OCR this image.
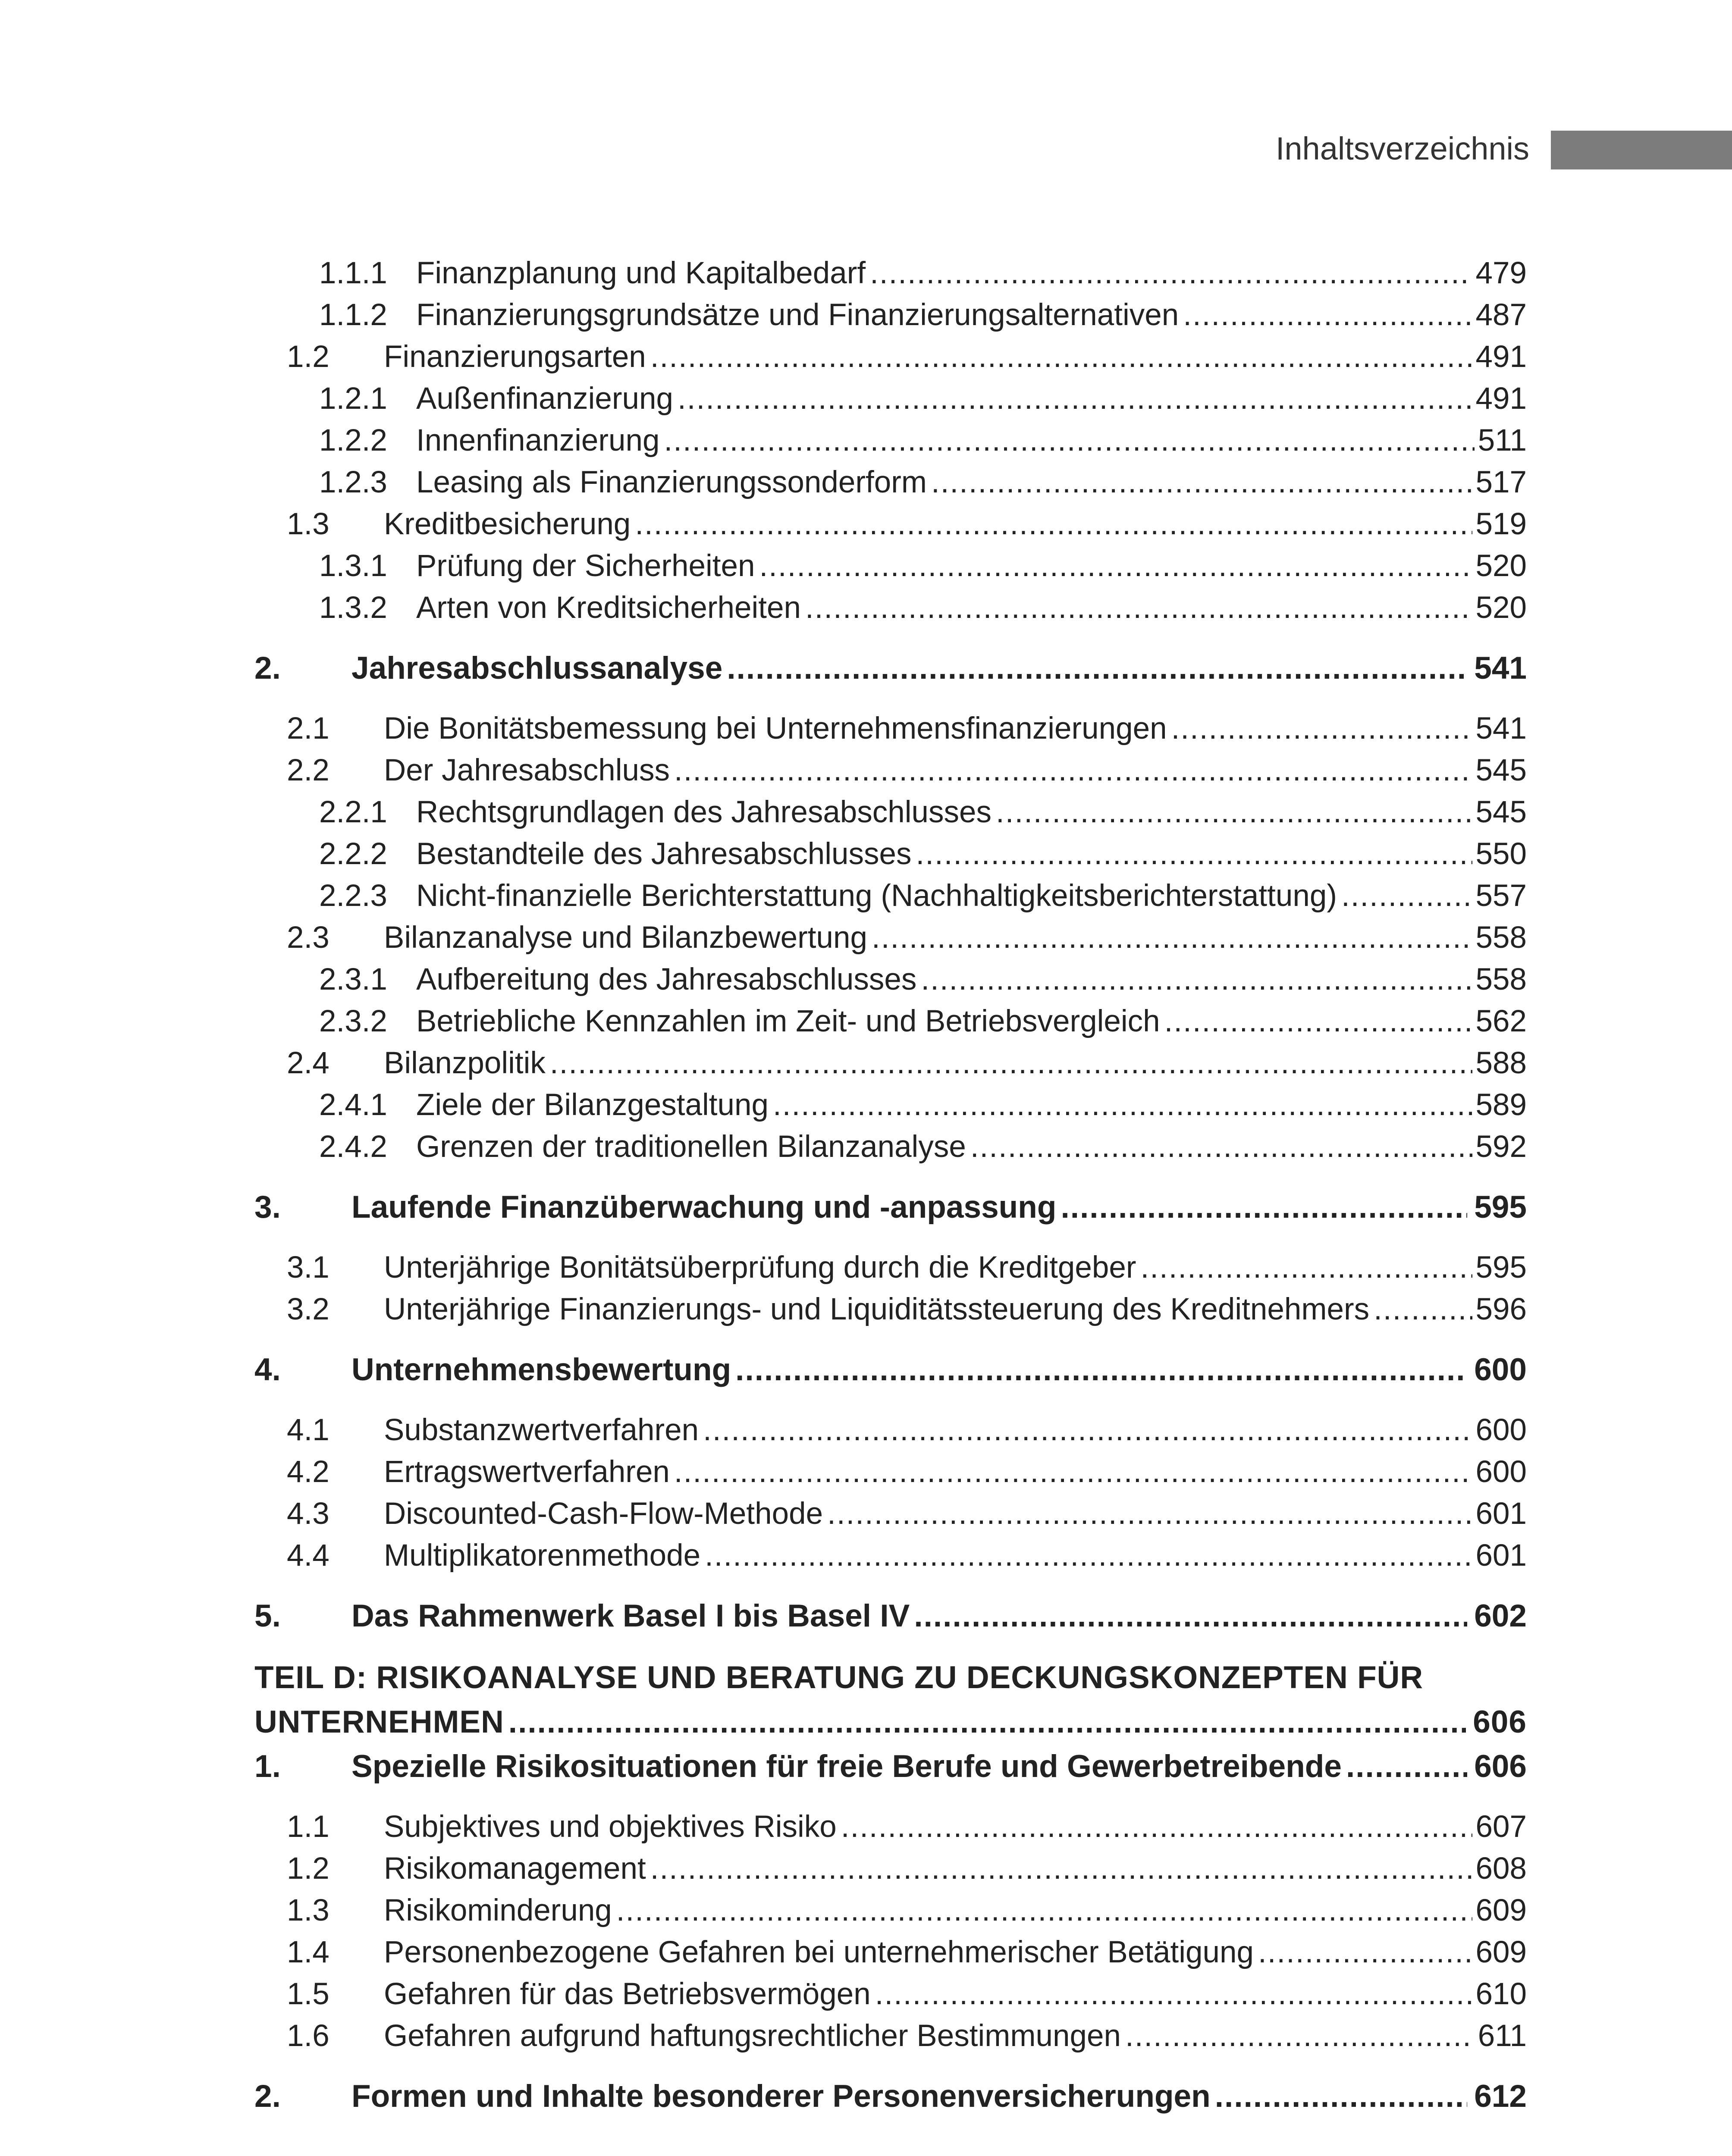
Inhaltsverzeichnis
1.1.1 Finanzplanung und Kapitalbedarf .....	479
1.1.2 Finanzierungsgrundsätze und Finanzierungsalternativen .....	487
1.2	Finanzierungsarten .....	491
1.2.1 Außenfinanzierung .....	491
1.2.2 Innenfinanzierung .....	511
1.2.3 Leasing als Finanzierungssonderform .....	517
1.3	Kreditbesicherung .....	519
1.3.1 Prüfung der Sicherheiten .....	520
1.3.2 Arten von Kreditsicherheiten .....	520
2.	Jahresabschlussanalyse .....	541
2.1	Die Bonitätsbemessung bei Unternehmensfinanzierungen .....	541
2.2	Der Jahresabschluss .....	545
2.2.1 Rechtsgrundlagen des Jahresabschlusses .....	545
2.2.2 Bestandteile des Jahresabschlusses .....	550
2.2.3 Nicht-finanzielle Berichterstattung (Nachhaltigkeitsberichterstattung) .....	557
2.3	Bilanzanalyse und Bilanzbewertung .....	558
2.3.1 Aufbereitung des Jahresabschlusses .....	558
2.3.2 Betriebliche Kennzahlen im Zeit- und Betriebsvergleich .....	562
2.4	Bilanzpolitik .....	588
2.4.1 Ziele der Bilanzgestaltung .....	589
2.4.2 Grenzen der traditionellen Bilanzanalyse .....	592
3.	Laufende Finanzüberwachung und -anpassung .....	595
3.1	Unterjährige Bonitätsüberprüfung durch die Kreditgeber .....	595
3.2	Unterjährige Finanzierungs- und Liquiditätssteuerung des Kreditnehmers .....	596
4.	Unternehmensbewertung .....	600
4.1	Substanzwertverfahren .....	600
4.2	Ertragswertverfahren .....	600
4.3	Discounted-Cash-Flow-Methode .....	601
4.4	Multiplikatorenmethode .....	601
5.	Das Rahmenwerk Basel I bis Basel IV .....	602
TEIL D: RISIKOANALYSE UND BERATUNG ZU DECKUNGSKONZEPTEN FÜR
UNTERNEHMEN .....	606
1.	Spezielle Risikosituationen für freie Berufe und Gewerbetreibende .....	606
1.1	Subjektives und objektives Risiko .....	607
1.2	Risikomanagement .....	608
1.3	Risikominderung .....	609
1.4	Personenbezogene Gefahren bei unternehmerischer Betätigung .....	609
1.5	Gefahren für das Betriebsvermögen .....	610
1.6	Gefahren aufgrund haftungsrechtlicher Bestimmungen .....	611
2.	Formen und Inhalte besonderer Personenversicherungen .....	612
